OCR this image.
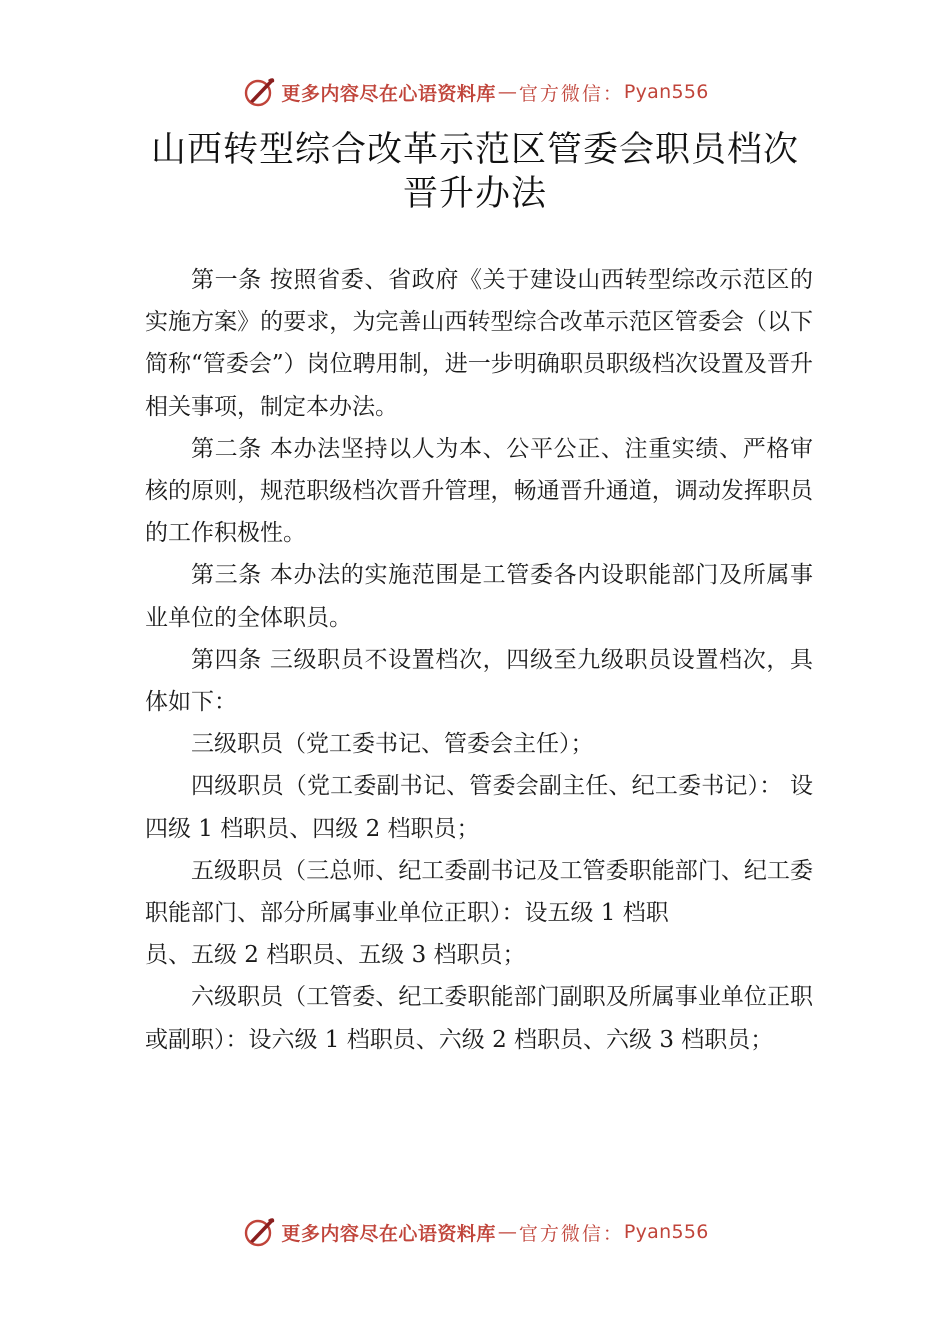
更多内容尽在心语资料库 — 官方微信： Pyan556
山西转型综合改革示范区管委会职员档次
晋升办法

第一条 按照省委、省政府《关于建设山西转型综改示范区的实施方案》的要求，为完善山西转型综合改革示范区管委会（以下简称“管委会”）岗位聘用制，进一步明确职员职级档次设置及晋升相关事项，制定本办法。

第二条 本办法坚持以人为本、公平公正、注重实绩、严格审核的原则，规范职级档次晋升管理，畅通晋升通道，调动发挥职员的工作积极性。

第三条 本办法的实施范围是工管委各内设职能部门及所属事业单位的全体职员。

第四条 三级职员不设置档次，四级至九级职员设置档次，具体如下：

三级职员（党工委书记、管委会主任）；

四级职员（党工委副书记、管委会副主任、纪工委书记）： 设四级 1 档职员、四级 2 档职员；

五级职员（三总师、纪工委副书记及工管委职能部门、纪工委职能部门、部分所属事业单位正职）：设五级 1 档职

员、五级 2 档职员、五级 3 档职员；

六级职员（工管委、纪工委职能部门副职及所属事业单位正职或副职）：设六级 1 档职员、六级 2 档职员、六级 3 档职员；

更多内容尽在心语资料库 — 官方微信： Pyan556
